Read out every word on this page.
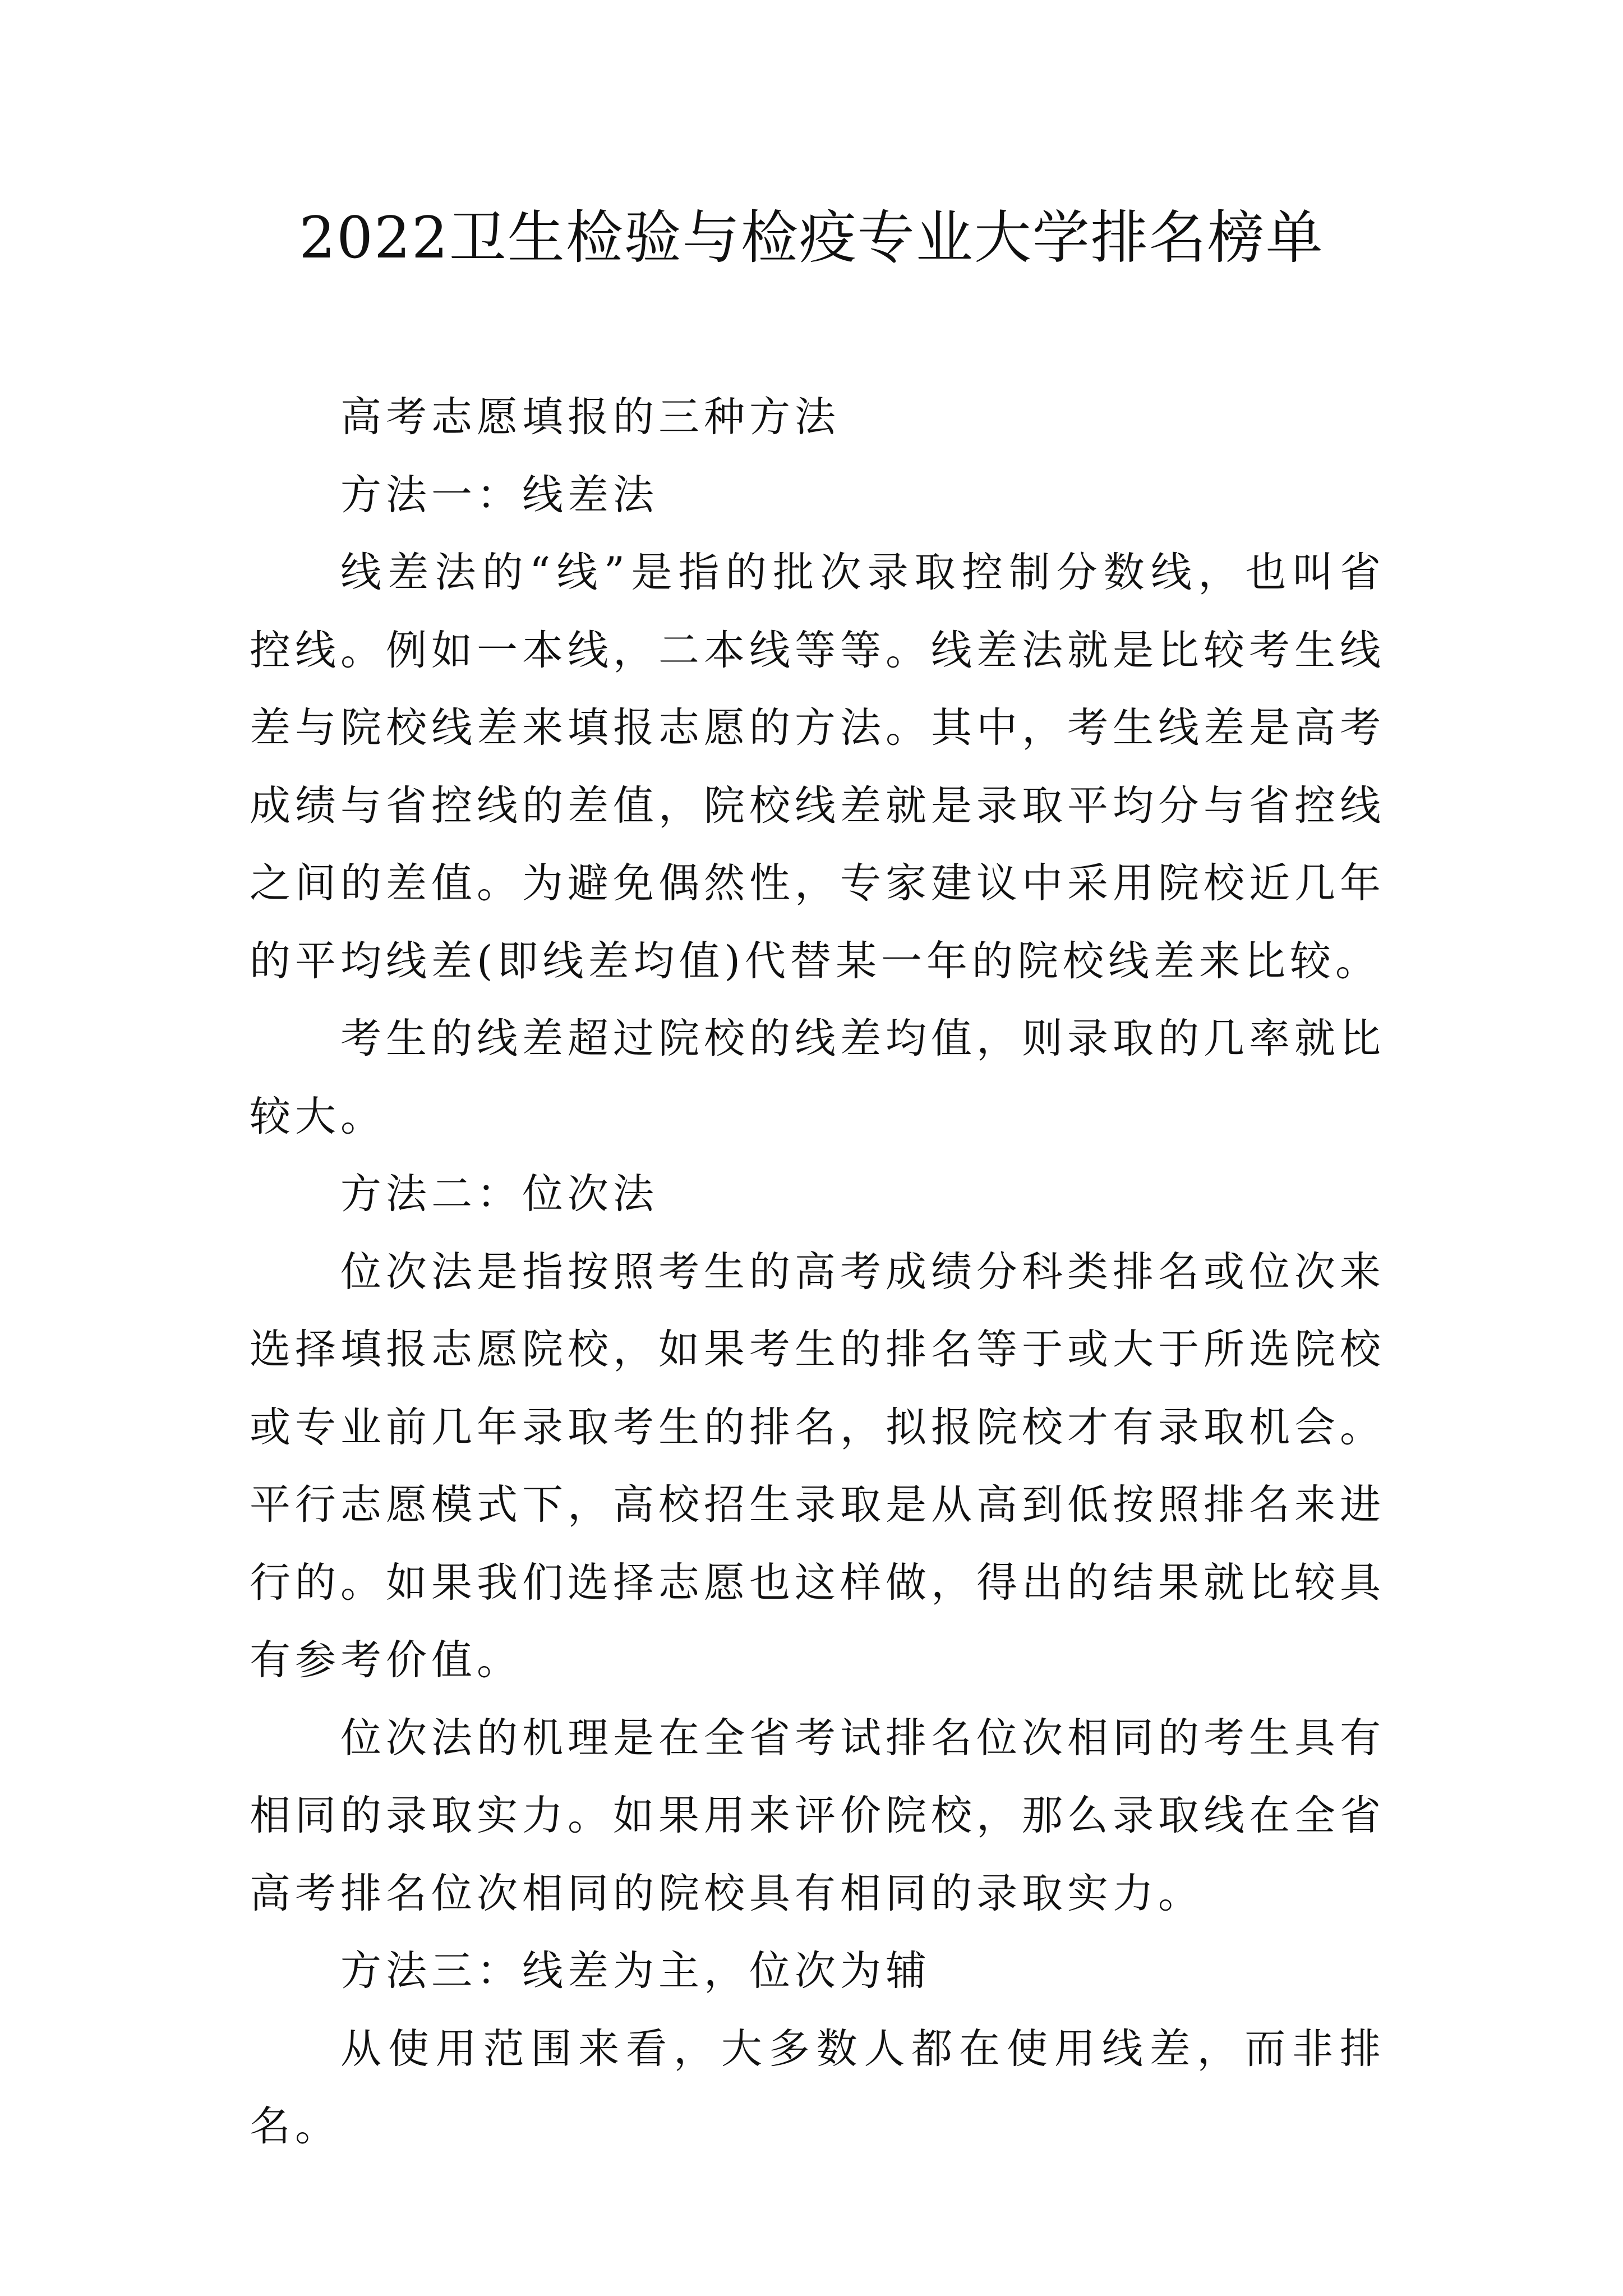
2022卫生检验与检疫专业大学排名榜单

高考志愿填报的三种方法

方法一：线差法

线差法的“线”是指的批次录取控制分数线，也叫省控线。例如一本线，二本线等等。线差法就是比较考生线差与院校线差来填报志愿的方法。其中，考生线差是高考成绩与省控线的差值，院校线差就是录取平均分与省控线之间的差值。为避免偶然性，专家建议中采用院校近几年的平均线差(即线差均值)代替某一年的院校线差来比较。

考生的线差超过院校的线差均值，则录取的几率就比较大。

方法二：位次法

位次法是指按照考生的高考成绩分科类排名或位次来选择填报志愿院校，如果考生的排名等于或大于所选院校或专业前几年录取考生的排名，拟报院校才有录取机会。平行志愿模式下，高校招生录取是从高到低按照排名来进行的。如果我们选择志愿也这样做，得出的结果就比较具有参考价值。

位次法的机理是在全省考试排名位次相同的考生具有相同的录取实力。如果用来评价院校，那么录取线在全省高考排名位次相同的院校具有相同的录取实力。

方法三：线差为主，位次为辅

从使用范围来看，大多数人都在使用线差，而非排名。
